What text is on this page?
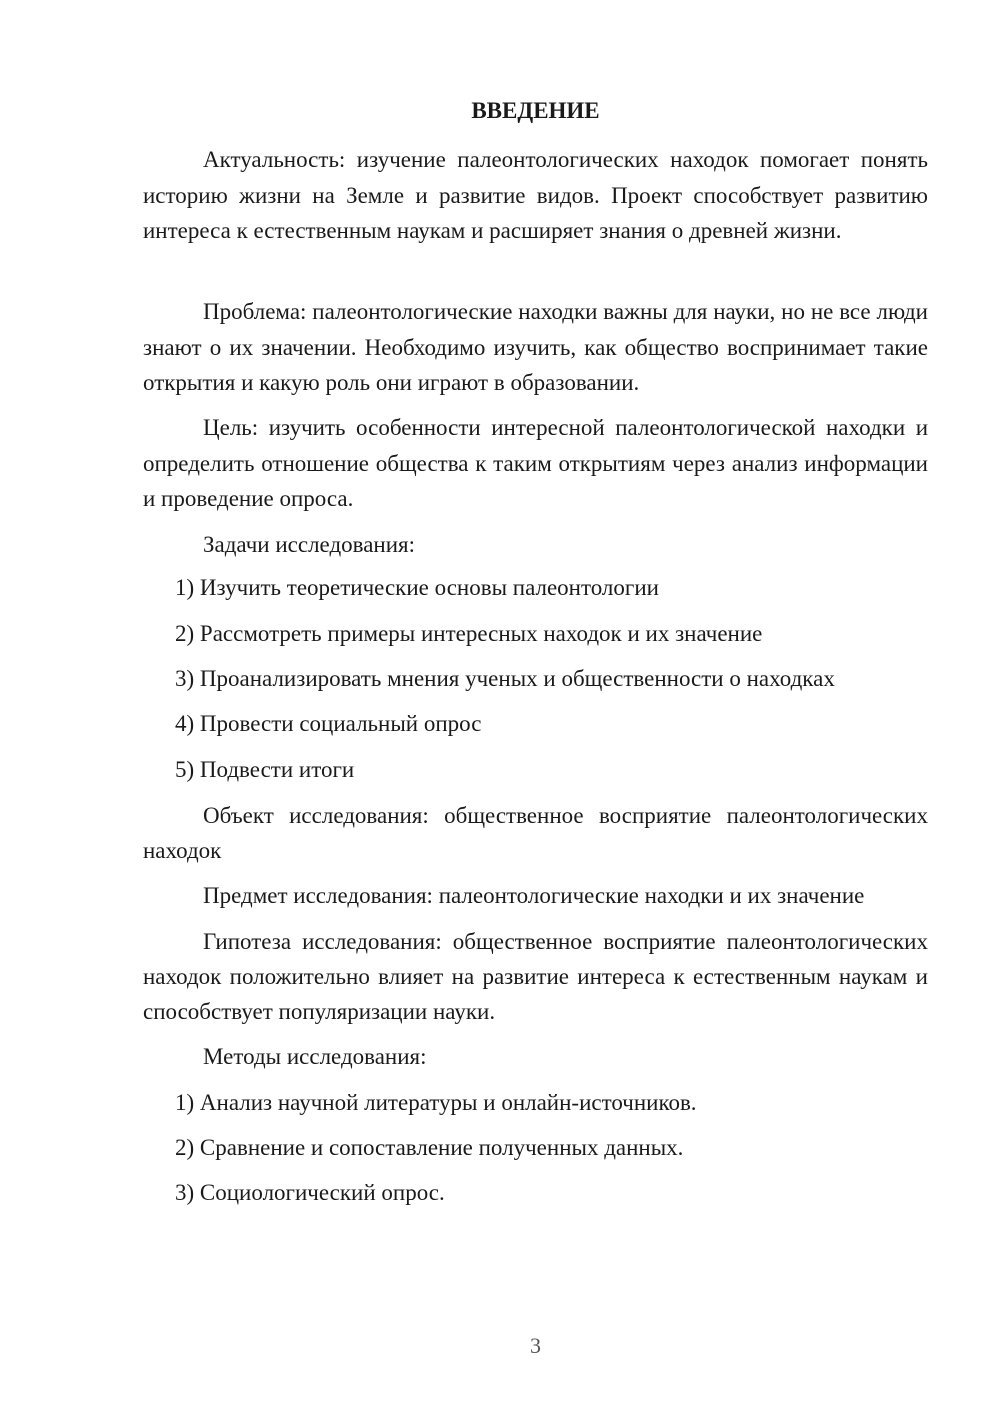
ВВЕДЕНИЕ

Актуальность: изучение палеонтологических находок помогает понять историю жизни на Земле и развитие видов. Проект способствует развитию интереса к естественным наукам и расширяет знания о древней жизни.

Проблема: палеонтологические находки важны для науки, но не все люди знают о их значении. Необходимо изучить, как общество воспринимает такие открытия и какую роль они играют в образовании.

Цель: изучить особенности интересной палеонтологической находки и определить отношение общества к таким открытиям через анализ информации и проведение опроса.

Задачи исследования:

1) Изучить теоретические основы палеонтологии

2) Рассмотреть примеры интересных находок и их значение

3) Проанализировать мнения ученых и общественности о находках

4) Провести социальный опрос

5) Подвести итоги

Объект исследования: общественное восприятие палеонтологических находок

Предмет исследования: палеонтологические находки и их значение

Гипотеза исследования: общественное восприятие палеонтологических находок положительно влияет на развитие интереса к естественным наукам и способствует популяризации науки.

Методы исследования:

1) Анализ научной литературы и онлайн-источников.

2) Сравнение и сопоставление полученных данных.

3) Социологический опрос.

3
